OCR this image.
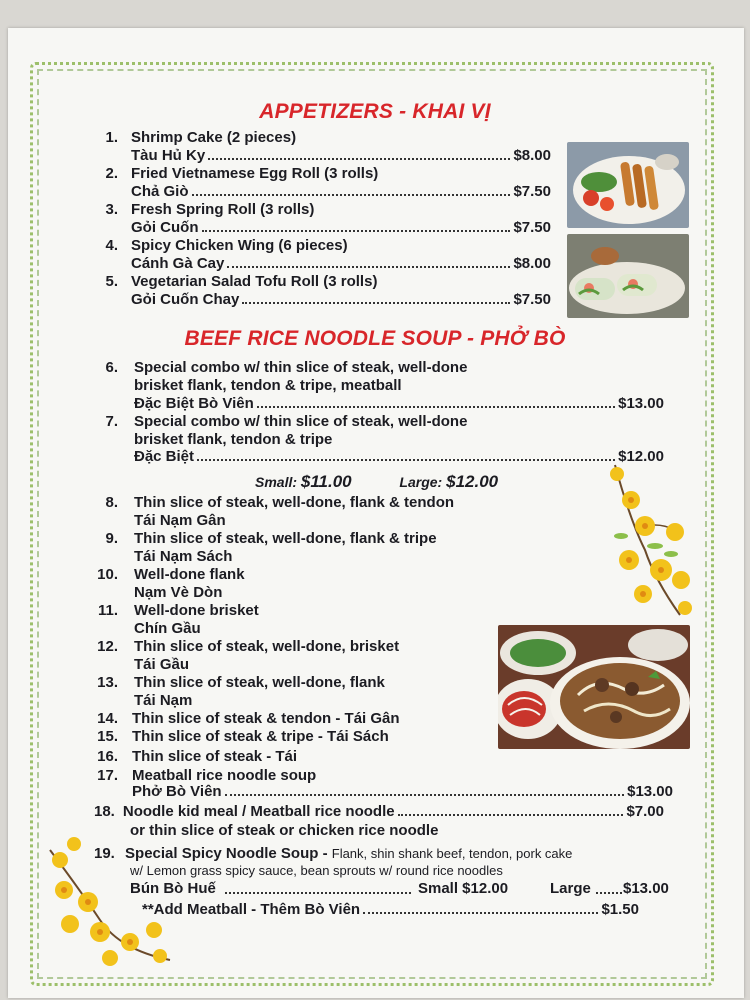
APPETIZERS - KHAI VỊ
BEEF RICE NOODLE SOUP - PHỞ BÒ
1. Shrimp Cake (2 pieces)
Tàu Hủ Ky	$8.00
2. Fried Vietnamese Egg Roll (3 rolls)
Chả Giò	$7.50
3. Fresh Spring Roll (3 rolls)
Gỏi Cuốn	$7.50
4. Spicy Chicken Wing (6 pieces)
Cánh Gà Cay	$8.00
5. Vegetarian Salad Tofu Roll (3 rolls)
Gỏi Cuốn Chay	$7.50
6. Special combo w/ thin slice of steak, well-done
brisket flank, tendon & tripe, meatball
Đặc Biệt Bò Viên	$13.00
7. Special combo w/ thin slice of steak, well-done
brisket flank, tendon & tripe
Đặc Biệt	$12.00
Small: $11.00	Large: $12.00
8. Thin slice of steak, well-done, flank & tendon
Tái Nạm Gân
9. Thin slice of steak, well-done, flank & tripe
Tái Nạm Sách
10. Well-done flank
Nạm Vè Dòn
11. Well-done brisket
Chín Gầu
12. Thin slice of steak, well-done, brisket
Tái Gầu
13. Thin slice of steak, well-done, flank
Tái Nạm
14. Thin slice of steak & tendon - Tái Gân
15. Thin slice of steak & tripe - Tái Sách
16. Thin slice of steak - Tái
17. Meatball rice noodle soup
Phở Bò Viên	$13.00
18. Noodle kid meal / Meatball rice noodle	$7.00
or thin slice of steak or chicken rice noodle
19. Special Spicy Noodle Soup - Flank, shin shank beef, tendon, pork cake
w/ Lemon grass spicy sauce, bean sprouts w/ round rice noodles
Bún Bò Huế	Small $12.00	Large $13.00
**Add Meatball - Thêm Bò Viên	$1.50
